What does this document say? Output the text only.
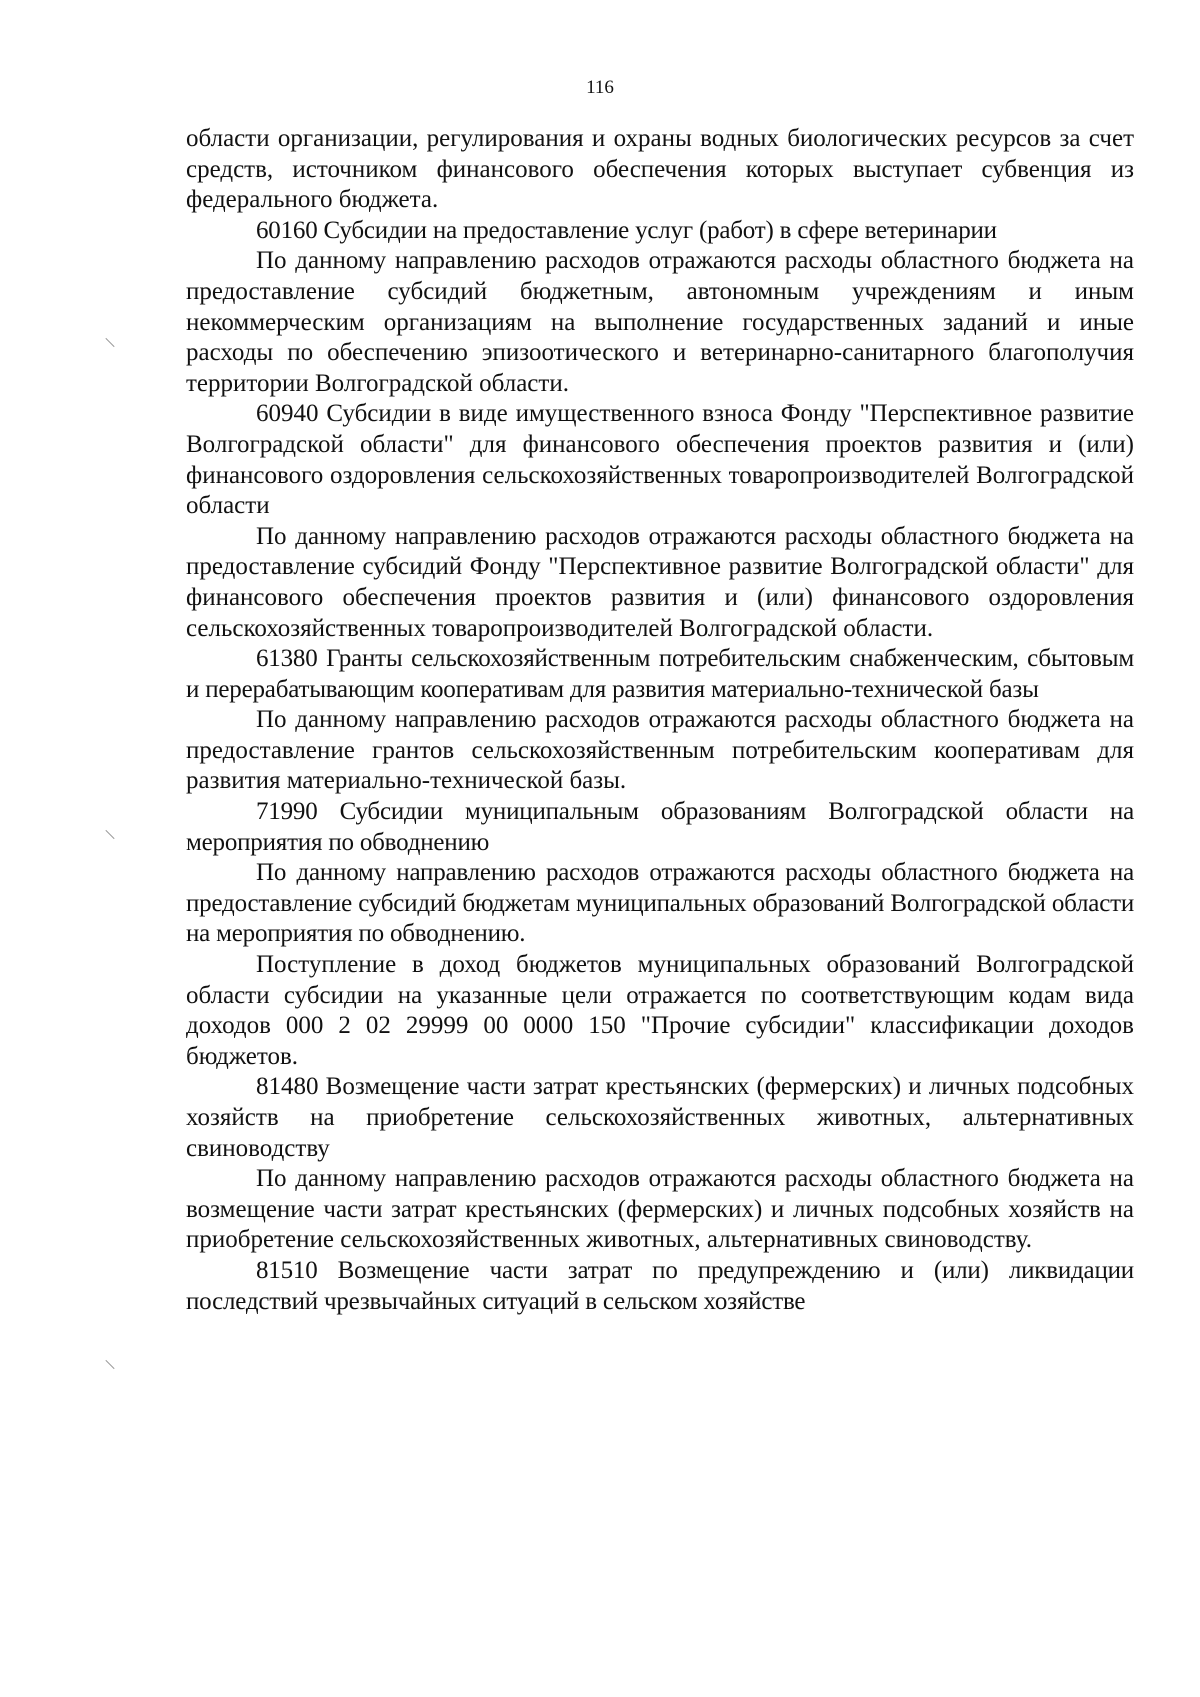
116

области организации, регулирования и охраны водных биологических ресурсов за счет средств, источником финансового обеспечения которых выступает субвенция из федерального бюджета.

60160 Субсидии на предоставление услуг (работ) в сфере ветеринарии

По данному направлению расходов отражаются расходы областного бюджета на предоставление субсидий бюджетным, автономным учреждениям и иным некоммерческим организациям на выполнение государственных заданий и иные расходы по обеспечению эпизоотического и ветеринарно-санитарного благополучия территории Волгоградской области.

60940 Субсидии в виде имущественного взноса Фонду "Перспективное развитие Волгоградской области" для финансового обеспечения проектов развития и (или) финансового оздоровления сельскохозяйственных товаропроизводителей Волгоградской области

По данному направлению расходов отражаются расходы областного бюджета на предоставление субсидий Фонду "Перспективное развитие Волгоградской области" для финансового обеспечения проектов развития и (или) финансового оздоровления сельскохозяйственных товаропроизводителей Волгоградской области.

61380 Гранты сельскохозяйственным потребительским снабженческим, сбытовым и перерабатывающим кооперативам для развития материально-технической базы

По данному направлению расходов отражаются расходы областного бюджета на предоставление грантов сельскохозяйственным потребительским кооперативам для развития материально-технической базы.

71990 Субсидии муниципальным образованиям Волгоградской области на мероприятия по обводнению

По данному направлению расходов отражаются расходы областного бюджета на предоставление субсидий бюджетам муниципальных образований Волгоградской области на мероприятия по обводнению.

Поступление в доход бюджетов муниципальных образований Волгоградской области субсидии на указанные цели отражается по соответствующим кодам вида доходов 000 2 02 29999 00 0000 150 "Прочие субсидии" классификации доходов бюджетов.

81480 Возмещение части затрат крестьянских (фермерских) и личных подсобных хозяйств на приобретение сельскохозяйственных животных, альтернативных свиноводству

По данному направлению расходов отражаются расходы областного бюджета на возмещение части затрат крестьянских (фермерских) и личных подсобных хозяйств на приобретение сельскохозяйственных животных, альтернативных свиноводству.

81510 Возмещение части затрат по предупреждению и (или) ликвидации последствий чрезвычайных ситуаций в сельском хозяйстве
